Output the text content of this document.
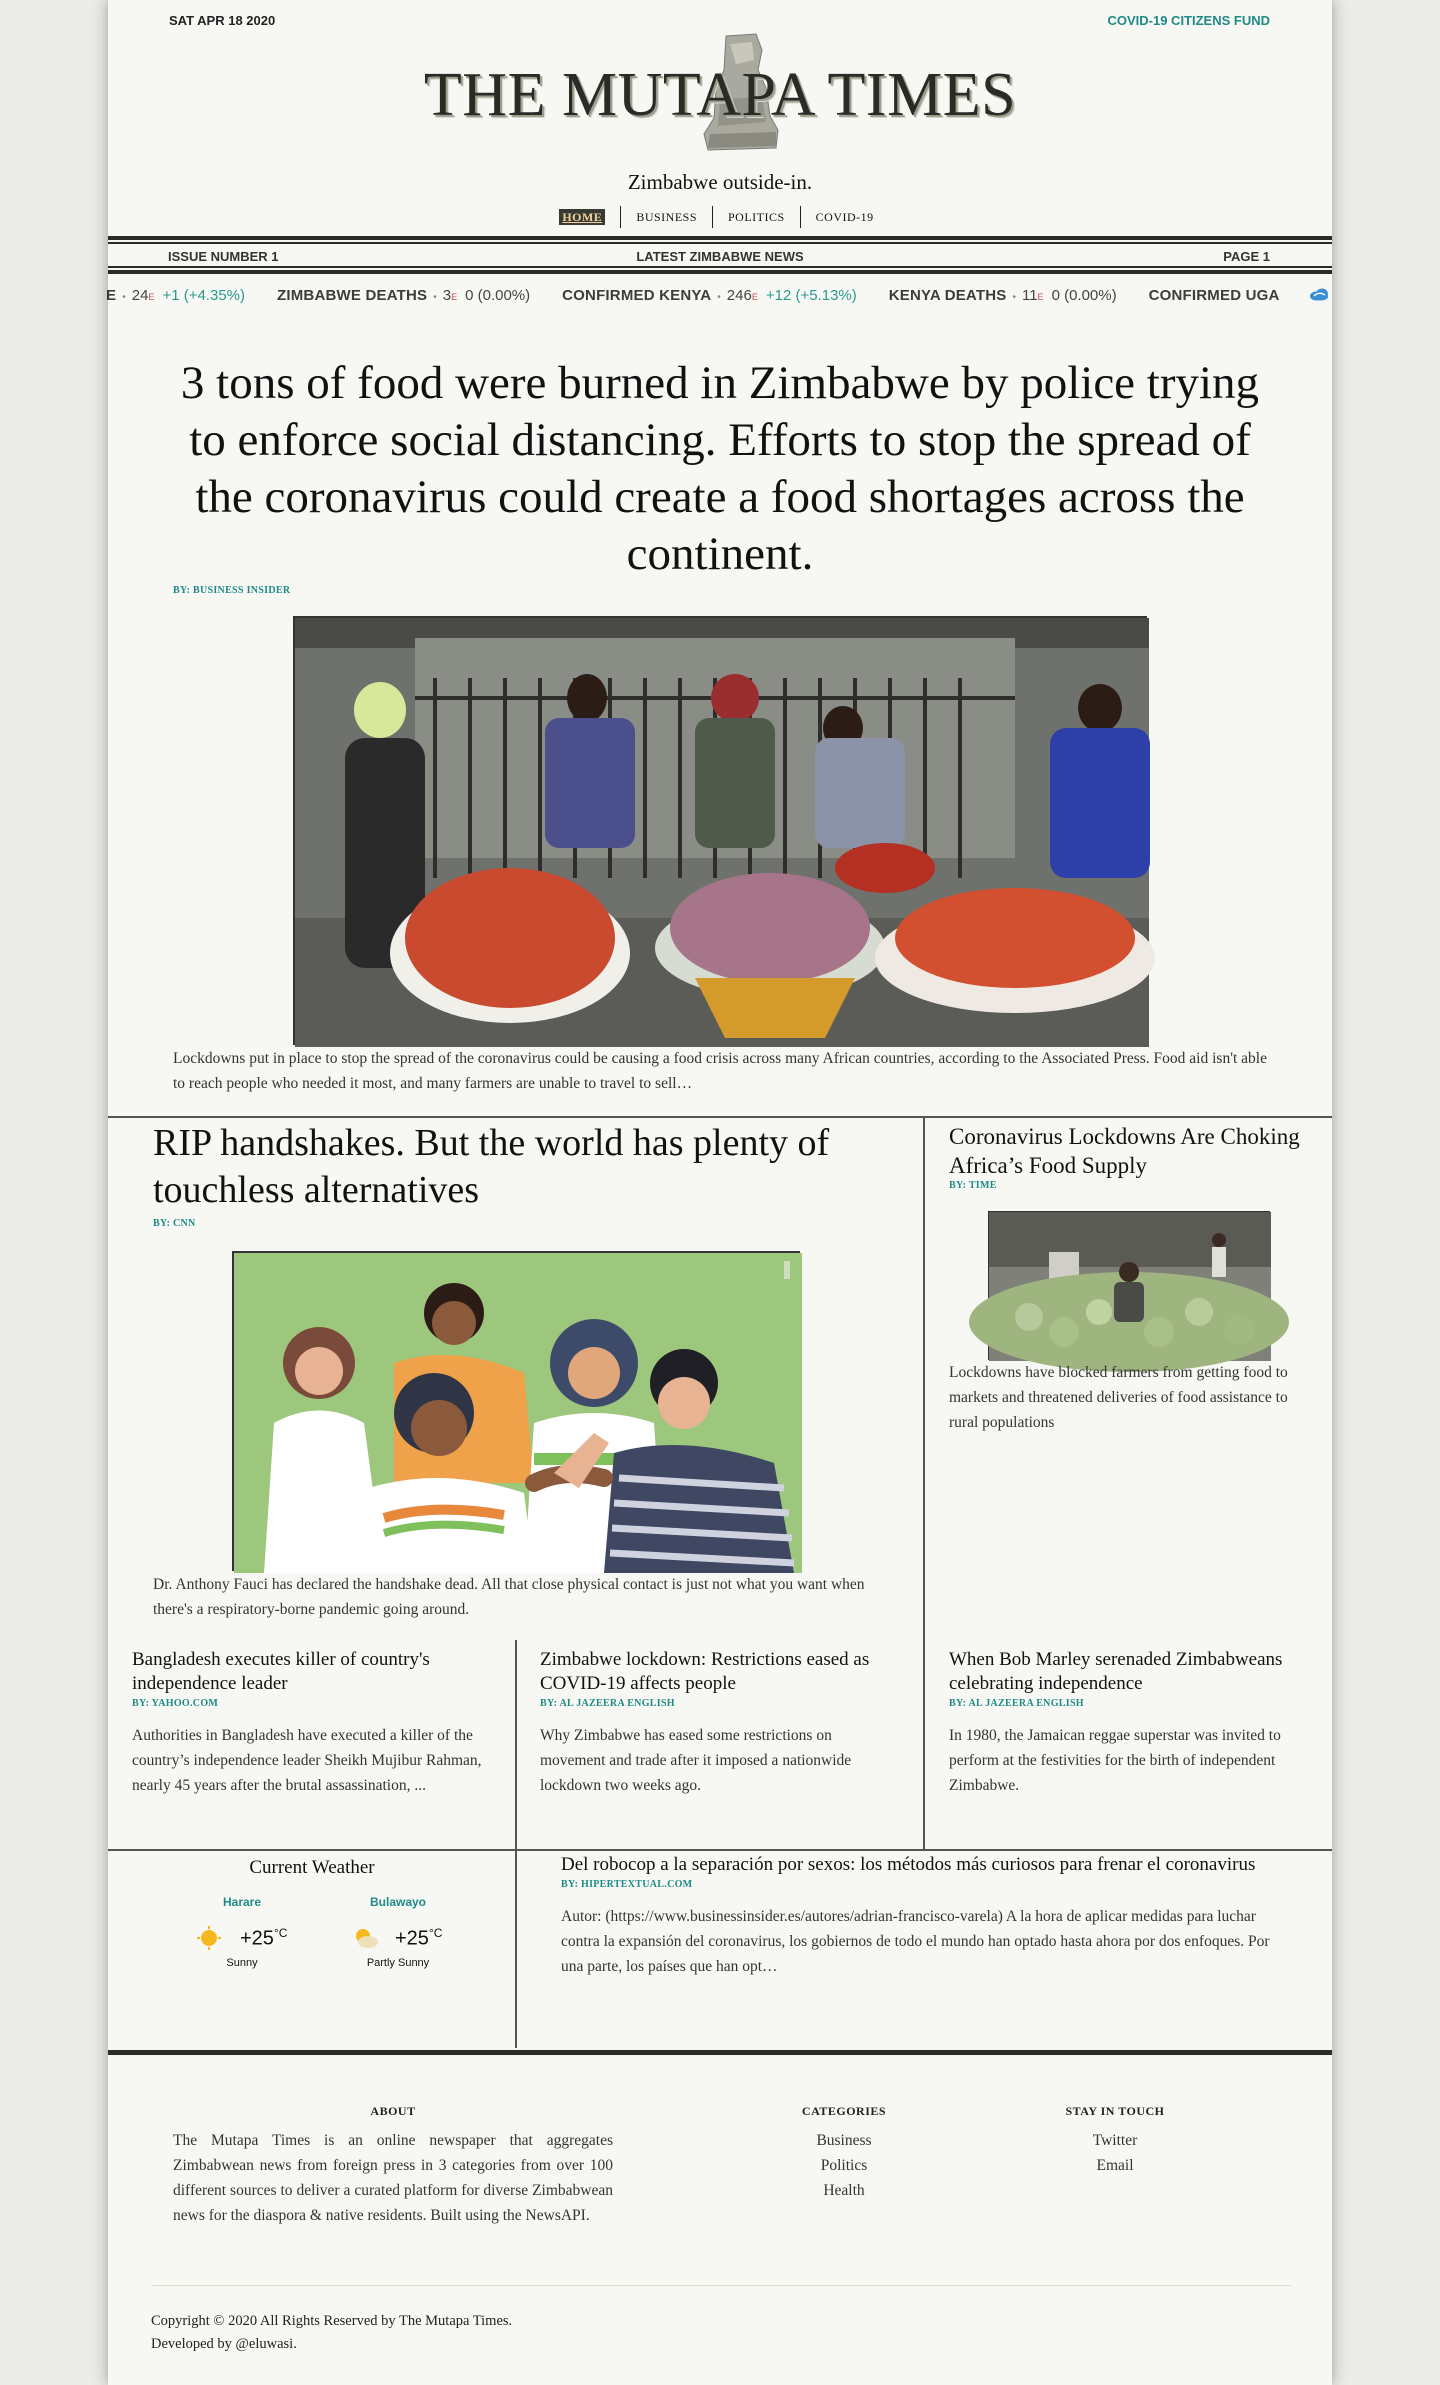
SAT APR 18 2020	COVID-19 CITIZENS FUND
THE MUTAPA TIMES
Zimbabwe outside-in.
HOME	BUSINESS	POLITICS	COVID-19
ISSUE NUMBER 1	LATEST ZIMBABWE NEWS	PAGE 1
E • 24 E +1 (+4.35%) ZIMBABWE DEATHS • 3 E 0 (0.00%) CONFIRMED KENYA • 246 E +12 (+5.13%) KENYA DEATHS • 11 E 0 (0.00%) CONFIRMED UGA
3 tons of food were burned in Zimbabwe by police trying to enforce social distancing. Efforts to stop the spread of the coronavirus could create a food shortages across the continent.
BY: BUSINESS INSIDER

Lockdowns put in place to stop the spread of the coronavirus could be causing a food crisis across many African countries, according to the Associated Press. Food aid isn't able to reach people who needed it most, and many farmers are unable to travel to sell…

RIP handshakes. But the world has plenty of touchless alternatives
BY: CNN

Dr. Anthony Fauci has declared the handshake dead. All that close physical contact is just not what you want when there's a respiratory-borne pandemic going around.

Coronavirus Lockdowns Are Choking Africa’s Food Supply
BY: TIME

Lockdowns have blocked farmers from getting food to markets and threatened deliveries of food assistance to rural populations

Bangladesh executes killer of country's independence leader
BY: YAHOO.COM

Authorities in Bangladesh have executed a killer of the country’s independence leader Sheikh Mujibur Rahman, nearly 45 years after the brutal assassination, ...

Zimbabwe lockdown: Restrictions eased as COVID-19 affects people
BY: AL JAZEERA ENGLISH

Why Zimbabwe has eased some restrictions on movement and trade after it imposed a nationwide lockdown two weeks ago.

When Bob Marley serenaded Zimbabweans celebrating independence
BY: AL JAZEERA ENGLISH

In 1980, the Jamaican reggae superstar was invited to perform at the festivities for the birth of independent Zimbabwe.

Current Weather
Harare
$+25^{^\circ C}$
Sunny
Bulawayo
$+25^{^\circ C}$
Partly Sunny
Del robocop a la separación por sexos: los métodos más curiosos para frenar el coronavirus
BY: HIPERTEXTUAL.COM

Autor: (https://www.businessinsider.es/autores/adrian-francisco-varela) A la hora de aplicar medidas para luchar contra la expansión del coronavirus, los gobiernos de todo el mundo han optado hasta ahora por dos enfoques. Por una parte, los países que han opt…

ABOUT

The Mutapa Times is an online newspaper that aggregates Zimbabwean news from foreign press in 3 categories from over 100 different sources to deliver a curated platform for diverse Zimbabwean news for the diaspora & native residents. Built using the NewsAPI.

CATEGORIES
Business
Politics
Health
STAY IN TOUCH
Twitter
Email
Copyright © 2020 All Rights Reserved by The Mutapa Times.
Developed by @eluwasi.
